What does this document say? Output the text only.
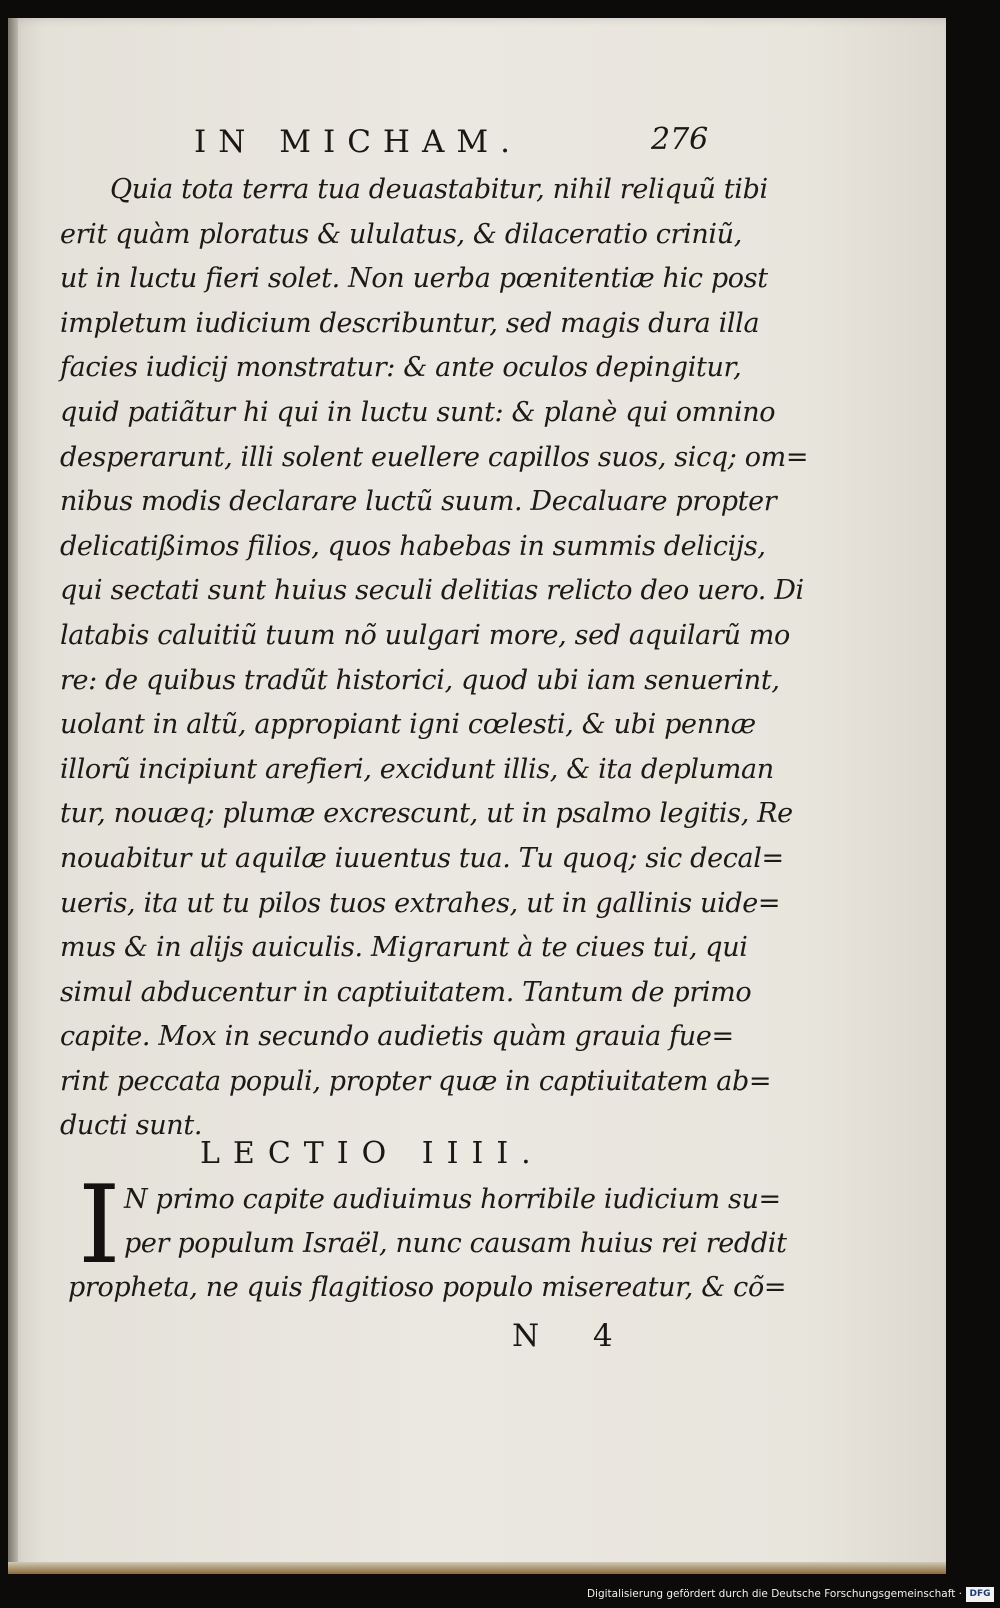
IN MICHAM.	276
Quia tota terra tua deuastabitur, nihil reliquũ tibi
erit quàm ploratus & ululatus, & dilaceratio criniũ,
ut in luctu fieri solet. Non uerba pœnitentiæ hic post
impletum iudicium describuntur, sed magis dura illa
facies iudicij monstratur: & ante oculos depingitur,
quid patiãtur hi qui in luctu sunt: & planè qui omnino
desperarunt, illi solent euellere capillos suos, sicq; om=
nibus modis declarare luctũ suum. Decaluare propter
delicatißimos filios, quos habebas in summis delicijs,
qui sectati sunt huius seculi delitias relicto deo uero. Di
latabis caluitiũ tuum nõ uulgari more, sed aquilarũ mo
re: de quibus tradũt historici, quod ubi iam senuerint,
uolant in altũ, appropiant igni cœlesti, & ubi pennæ
illorũ incipiunt arefieri, excidunt illis, & ita depluman
tur, nouæq; plumæ excrescunt, ut in psalmo legitis, Re
nouabitur ut aquilæ iuuentus tua. Tu quoq; sic decal=
ueris, ita ut tu pilos tuos extrahes, ut in gallinis uide=
mus & in alijs auiculis. Migrarunt à te ciues tui, qui
simul abducentur in captiuitatem. Tantum de primo
capite. Mox in secundo audietis quàm grauia fue=
rint peccata populi, propter quæ in captiuitatem ab=
ducti sunt.
LECTIO IIII.
I N primo capite audiuimus horribile iudicium su=
per populum Israël, nunc causam huius rei reddit
propheta, ne quis flagitioso populo misereatur, & cõ=
N 4
Digitalisierung gefördert durch die Deutsche Forschungsgemeinschaft · DFG
